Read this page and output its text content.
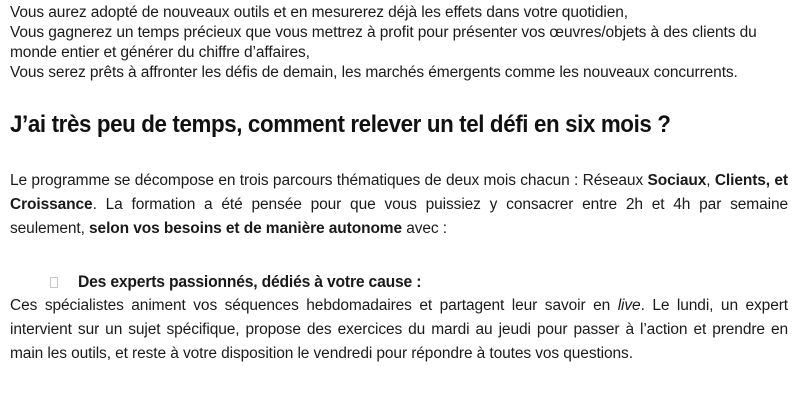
Vous aurez adopté de nouveaux outils et en mesurerez déjà les effets dans votre quotidien,

Vous gagnerez un temps précieux que vous mettrez à profit pour présenter vos œuvres/objets à des clients du monde entier et générer du chiffre d’affaires,

Vous serez prêts à affronter les défis de demain, les marchés émergents comme les nouveaux concurrents.

J’ai très peu de temps, comment relever un tel défi en six mois ?

Le programme se décompose en trois parcours thématiques de deux mois chacun : Réseaux Sociaux, Clients, et Croissance. La formation a été pensée pour que vous puissiez y consacrer entre 2h et 4h par semaine seulement, selon vos besoins et de manière autonome avec :

Des experts passionnés, dédiés à votre cause :

Ces spécialistes animent vos séquences hebdomadaires et partagent leur savoir en live. Le lundi, un expert intervient sur un sujet spécifique, propose des exercices du mardi au jeudi pour passer à l’action et prendre en main les outils, et reste à votre disposition le vendredi pour répondre à toutes vos questions.
